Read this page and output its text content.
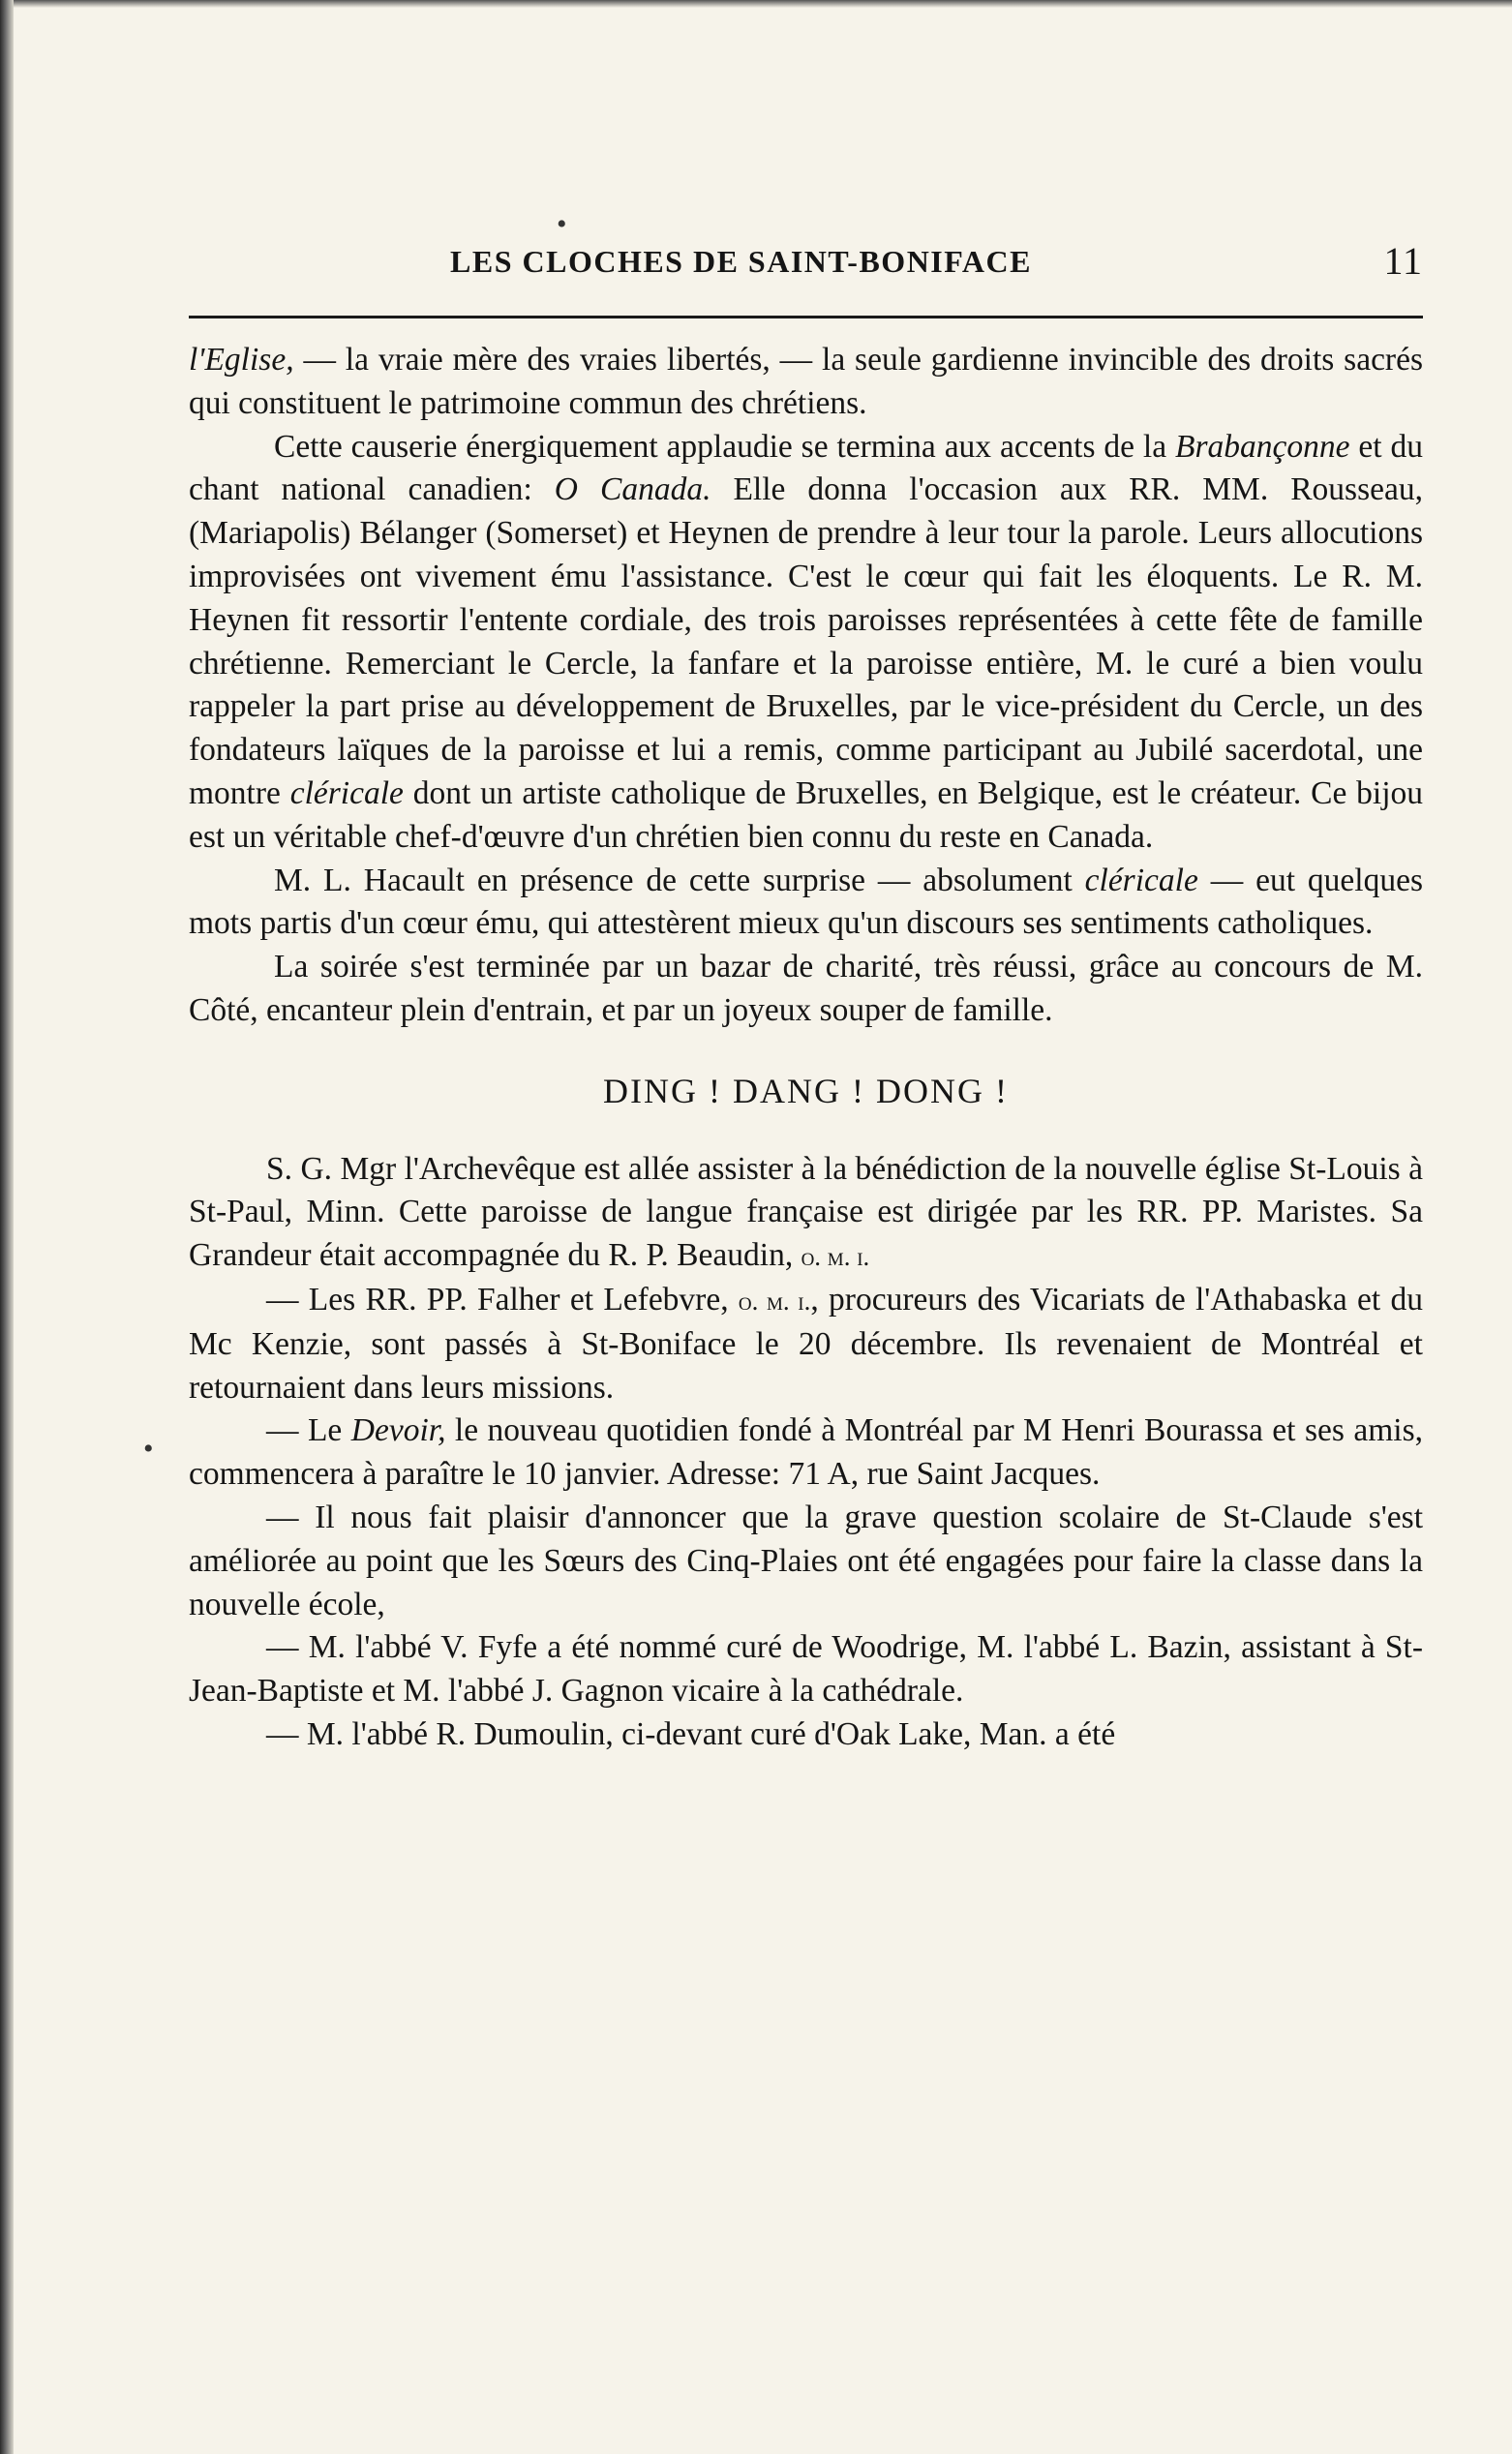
•
•
LES CLOCHES DE SAINT-BONIFACE	11

l'Eglise, — la vraie mère des vraies libertés, — la seule gardienne invincible des droits sacrés qui constituent le patrimoine commun des chrétiens.

Cette causerie énergiquement applaudie se termina aux accents de la Brabançonne et du chant national canadien: O Canada. Elle donna l'occasion aux RR. MM. Rousseau, (Mariapolis) Bélanger (Somerset) et Heynen de prendre à leur tour la parole. Leurs allocutions improvisées ont vivement ému l'assistance. C'est le cœur qui fait les éloquents. Le R. M. Heynen fit ressortir l'entente cordiale, des trois paroisses représentées à cette fête de famille chrétienne. Remerciant le Cercle, la fanfare et la paroisse entière, M. le curé a bien voulu rappeler la part prise au développement de Bruxelles, par le vice-président du Cercle, un des fondateurs laïques de la paroisse et lui a remis, comme participant au Jubilé sacerdotal, une montre cléricale dont un artiste catholique de Bruxelles, en Belgique, est le créateur. Ce bijou est un véritable chef-d'œuvre d'un chrétien bien connu du reste en Canada.

M. L. Hacault en présence de cette surprise — absolument cléricale — eut quelques mots partis d'un cœur ému, qui attestèrent mieux qu'un discours ses sentiments catholiques.

La soirée s'est terminée par un bazar de charité, très réussi, grâce au concours de M. Côté, encanteur plein d'entrain, et par un joyeux souper de famille.

DING ! DANG ! DONG !

S. G. Mgr l'Archevêque est allée assister à la bénédiction de la nouvelle église St-Louis à St-Paul, Minn. Cette paroisse de langue française est dirigée par les RR. PP. Maristes. Sa Grandeur était accompagnée du R. P. Beaudin, o. m. i.

— Les RR. PP. Falher et Lefebvre, o. m. i., procureurs des Vicariats de l'Athabaska et du Mc Kenzie, sont passés à St-Boniface le 20 décembre. Ils revenaient de Montréal et retournaient dans leurs missions.

— Le Devoir, le nouveau quotidien fondé à Montréal par M Henri Bourassa et ses amis, commencera à paraître le 10 janvier. Adresse: 71 A, rue Saint Jacques.

— Il nous fait plaisir d'annoncer que la grave question scolaire de St-Claude s'est améliorée au point que les Sœurs des Cinq-Plaies ont été engagées pour faire la classe dans la nouvelle école,

— M. l'abbé V. Fyfe a été nommé curé de Woodrige, M. l'abbé L. Bazin, assistant à St-Jean-Baptiste et M. l'abbé J. Gagnon vicaire à la cathédrale.

— M. l'abbé R. Dumoulin, ci-devant curé d'Oak Lake, Man. a été
